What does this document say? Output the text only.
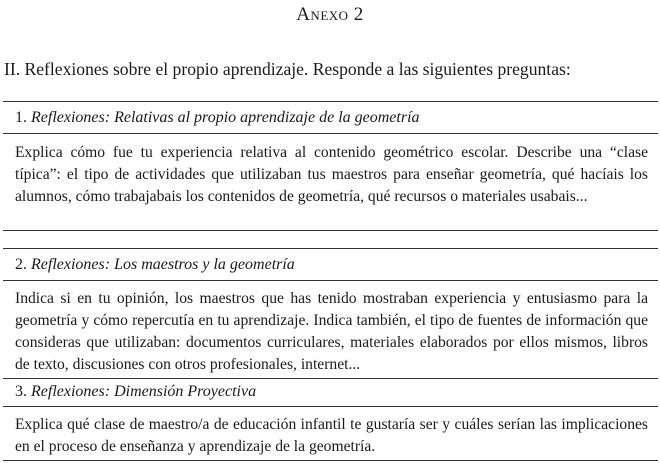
Anexo 2
II. Reflexiones sobre el propio aprendizaje. Responde a las siguientes preguntas:
1. Reflexiones: Relativas al propio aprendizaje de la geometría
Explica cómo fue tu experiencia relativa al contenido geométrico escolar. Describe una “clase típica”: el tipo de actividades que utilizaban tus maestros para enseñar geometría, qué hacíais los alumnos, cómo trabajabais los contenidos de geometría, qué recursos o materiales usabais...
2. Reflexiones: Los maestros y la geometría
Indica si en tu opinión, los maestros que has tenido mostraban experiencia y entusiasmo para la geometría y cómo repercutía en tu aprendizaje. Indica también, el tipo de fuentes de información que consideras que utilizaban: documentos curriculares, materiales elaborados por ellos mismos, libros de texto, discusiones con otros profesionales, internet...
3. Reflexiones: Dimensión Proyectiva
Explica qué clase de maestro/a de educación infantil te gustaría ser y cuáles serían las implicaciones en el proceso de enseñanza y aprendizaje de la geometría.
